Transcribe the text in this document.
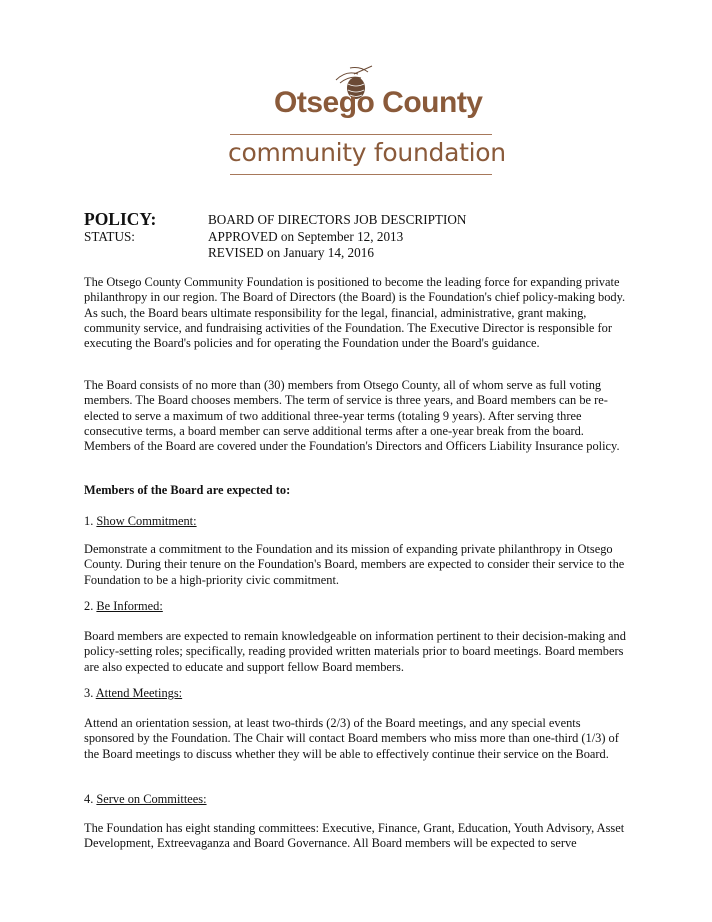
Otsego County
community foundation
POLICY:	BOARD OF DIRECTORS JOB DESCRIPTION
STATUS:	APPROVED on September 12, 2013
REVISED on January 14, 2016

The Otsego County Community Foundation is positioned to become the leading force for expanding private philanthropy in our region. The Board of Directors (the Board) is the Foundation's chief policy-making body. As such, the Board bears ultimate responsibility for the legal, financial, administrative, grant making, community service, and fundraising activities of the Foundation. The Executive Director is responsible for executing the Board's policies and for operating the Foundation under the Board's guidance.

The Board consists of no more than (30) members from Otsego County, all of whom serve as full voting members. The Board chooses members. The term of service is three years, and Board members can be re-elected to serve a maximum of two additional three-year terms (totaling 9 years). After serving three consecutive terms, a board member can serve additional terms after a one-year break from the board. Members of the Board are covered under the Foundation's Directors and Officers Liability Insurance policy.

Members of the Board are expected to:
1. Show Commitment:

Demonstrate a commitment to the Foundation and its mission of expanding private philanthropy in Otsego County. During their tenure on the Foundation's Board, members are expected to consider their service to the Foundation to be a high-priority civic commitment.

2. Be Informed:

Board members are expected to remain knowledgeable on information pertinent to their decision-making and policy-setting roles; specifically, reading provided written materials prior to board meetings. Board members are also expected to educate and support fellow Board members.

3. Attend Meetings:

Attend an orientation session, at least two-thirds (2/3) of the Board meetings, and any special events sponsored by the Foundation. The Chair will contact Board members who miss more than one-third (1/3) of the Board meetings to discuss whether they will be able to effectively continue their service on the Board.

4. Serve on Committees:

The Foundation has eight standing committees: Executive, Finance, Grant, Education, Youth Advisory, Asset Development, Extreevaganza and Board Governance. All Board members will be expected to serve
